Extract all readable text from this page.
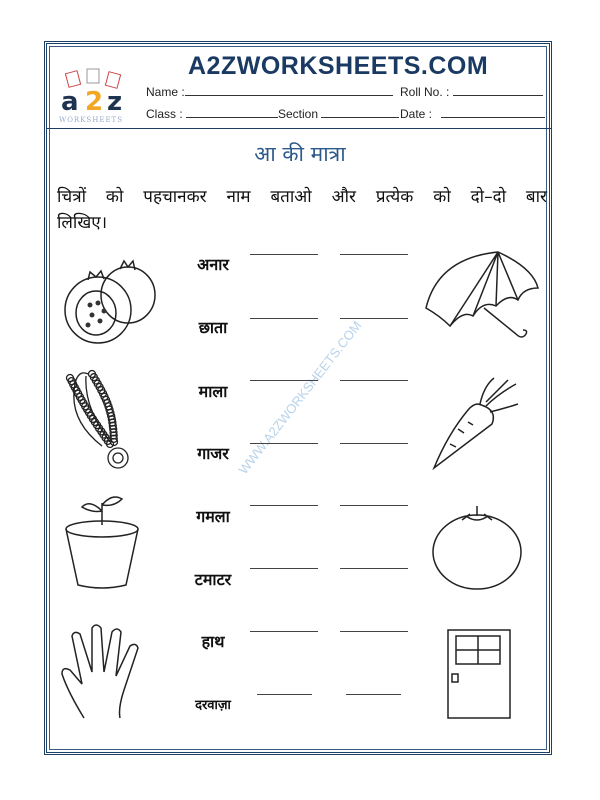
a 2 z
WORKSHEETS
A2ZWORKSHEETS.COM
Name :	Roll No. :
Class :	Section	Date :
आ की मात्रा
चित्रों को पहचानकर नाम बताओ और प्रत्येक को दो–दो बार
लिखिए।
WWW.A2ZWORKSHEETS.COM
अनार
छाता
माला
गाजर
गमला
टमाटर
हाथ
दरवाज़ा
